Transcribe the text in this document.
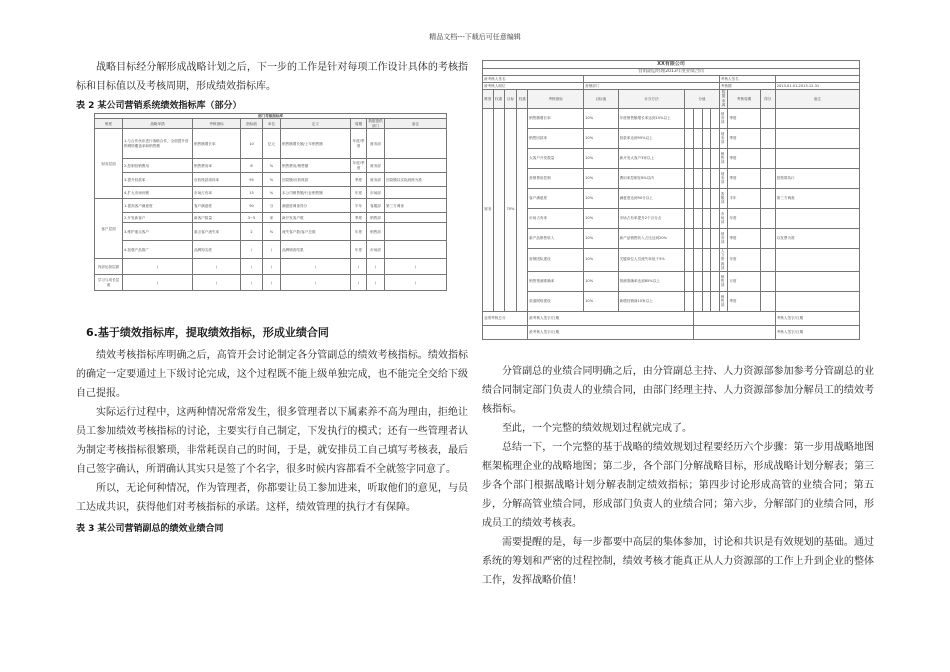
精品文档---下载后可任意编辑

战略目标经分解形成战略计划之后，下一步的工作是针对每项工作设计具体的考核指标和目标值以及考核周期，形成绩效指标库。

表 2 某公司营销系统绩效指标库（部分）

部门考核指标库								
维度	战略举措	考核指标	指标值	单位	定义	周期	数据提供部门	备注
财务层面	1.与合作伙伴进行战略合作，全面提升营销网络覆盖率和销售额	销售额增长率	10	亿元	销售额增长额/上年销售额	年度/季度	财务部	
	2.控制营销费用	销售费用率	8	%	销售费用/销售额	年度/季度	财务部	
	3.提升回款率	应收账款周转率	95	%	回款额/应收账款	季度	财务部	回款额以实际到账为准
	4.扩大市场份额	市场占有率	15	%	本公司销售额/行业销售额	年度	市场部	
客户层面	1.提高客户满意度	客户满意度	90	分	满意度调查得分	半年	客服部	第三方调查
	2.开发新客户	新客户数量	3~5	家	新开发客户数	季度	销售部	
	3.维护重点客户	重点客户流失率	2	%	流失客户数/客户总数	年度	销售部	
	4.加强产品推广	品牌知名度	/	/	品牌调查结果	年度	市场部	
内部运营层面	/	/	/	/	/	/	/	/
学习与成长层面	/	/	/	/	/	/	/	/

6.基于绩效指标库，提取绩效指标，形成业绩合同

绩效考核指标库明确之后，高管开会讨论制定各分管副总的绩效考核指标。绩效指标的确定一定要通过上下级讨论完成，这个过程既不能上级单独完成，也不能完全交给下级自己提报。

实际运行过程中，这两种情况常常发生，很多管理者以下属素养不高为理由，拒绝让员工参加绩效考核指标的讨论，主要实行自己制定，下发执行的模式；还有一些管理者认为制定考核指标很繁琐，非常耗误自己的时间，于是，就安排员工自己填写考核表，最后自己签字确认，所谓确认其实只是签了个名字，很多时候内容都看不全就签字同意了。

所以，无论何种情况，作为管理者，你都要让员工参加进来，听取他们的意见，与员工达成共识，获得他们对考核指标的承诺。这样，绩效管理的执行才有保障。

表 3 某公司营销副总的绩效业绩合同

XX有限公司														
营销副总经理2013年度业绩合同														
被考核人签名											考核人签名			
被考核人职位					营销部门						考核期			2013.01.01-2013.12.31
维度	权重	目标	权重	考核指标	目标值	计分方法	分值				数据来源	考核周期	得分	备注
财务		70%		销售额增长率	10%	年度销售额增长率达到15%以上					财务部	季度		
				销售回款率	10%	回款率达到95%以上					财务部	季度		
				大客户开发数量	10%	新开发大客户3家以上					销售部	季度		
				营销费用控制	10%	费用率控制在8%以内					财务部	季度		按预算执行
				客户满意度	10%	满意度达到90分以上					客服部	半年		第三方调查
				市场占有率	10%	市场占有率提升2个百分点					市场部	年度		
				新产品销售收入	10%	新产品销售收入占比达到20%					财务部	季度		以发票为准
				营销团队建设	10%	关键岗位人员流失率低于5%					人力资源部	年度		
				销售预测准确率	10%	预测准确率达到85%以上					销售部	月度		
				渠道网络建设	10%	新增经销商10家以上					销售部	季度		
业绩考核总分				被考核人签字/日期										考核人签字/日期
				被考核人签字/日期										考核人签字/日期

分管副总的业绩合同明确之后，由分管副总主持、人力资源部参加参考分管副总的业绩合同制定部门负责人的业绩合同，由部门经理主持、人力资源部参加分解员工的绩效考核指标。

至此，一个完整的绩效规划过程就完成了。

总结一下，一个完整的基于战略的绩效规划过程要经历六个步骤：第一步用战略地图框架梳理企业的战略地图；第二步，各个部门分解战略目标，形成战略计划分解表；第三步各个部门根据战略计划分解表制定绩效指标；第四步讨论形成高管的业绩合同；第五步，分解高管业绩合同，形成部门负责人的业绩合同；第六步，分解部门的业绩合同，形成员工的绩效考核表。

需要提醒的是，每一步都要中高层的集体参加，讨论和共识是有效规划的基础。通过系统的筹划和严密的过程控制，绩效考核才能真正从人力资源部的工作上升到企业的整体工作，发挥战略价值！
